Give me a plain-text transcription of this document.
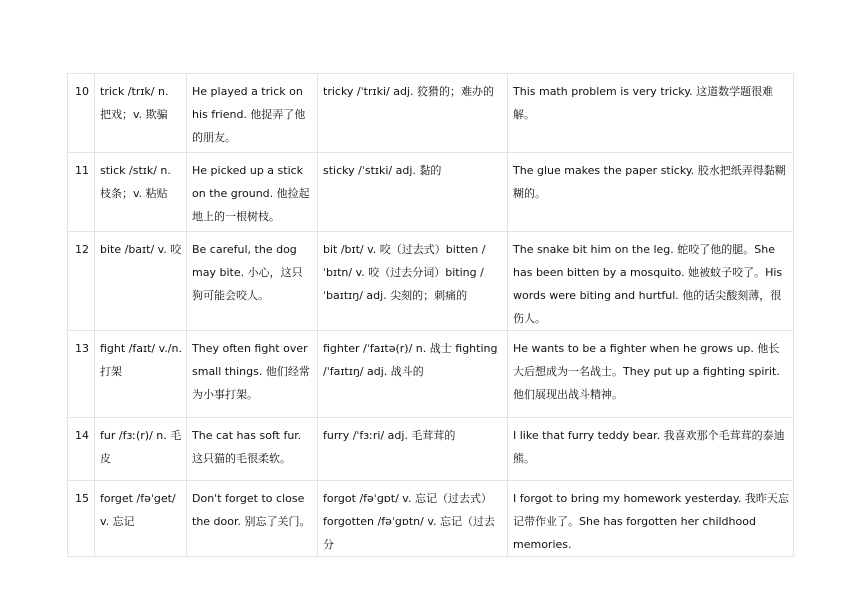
10	trick /trɪk/ n. 把戏；v. 欺骗	He played a trick on his friend. 他捉弄了他的朋友。	tricky /ˈtrɪki/ adj. 狡猾的；难办的	This math problem is very tricky. 这道数学题很难解。
11	stick /stɪk/ n. 枝条；v. 粘贴	He picked up a stick on the ground. 他捡起地上的一根树枝。	sticky /ˈstɪki/ adj. 黏的	The glue makes the paper sticky. 胶水把纸弄得黏糊糊的。
12	bite /baɪt/ v. 咬	Be careful, the dog may bite. 小心，这只狗可能会咬人。	bit /bɪt/ v. 咬（过去式）bitten /ˈbɪtn/ v. 咬（过去分词）biting /ˈbaɪtɪŋ/ adj. 尖刻的；刺痛的	The snake bit him on the leg. 蛇咬了他的腿。She has been bitten by a mosquito. 她被蚊子咬了。His words were biting and hurtful. 他的话尖酸刻薄，很伤人。
13	fight /faɪt/ v./n. 打架	They often fight over small things. 他们经常为小事打架。	fighter /ˈfaɪtə(r)/ n. 战士 fighting /ˈfaɪtɪŋ/ adj. 战斗的	He wants to be a fighter when he grows up. 他长大后想成为一名战士。They put up a fighting spirit. 他们展现出战斗精神。
14	fur /fɜː(r)/ n. 毛皮	The cat has soft fur. 这只猫的毛很柔软。	furry /ˈfɜːri/ adj. 毛茸茸的	I like that furry teddy bear. 我喜欢那个毛茸茸的泰迪熊。
15	forget /fəˈget/ v. 忘记	Don't forget to close the door. 别忘了关门。	forgot /fəˈgɒt/ v. 忘记（过去式）forgotten /fəˈgɒtn/ v. 忘记（过去分	I forgot to bring my homework yesterday. 我昨天忘记带作业了。She has forgotten her childhood memories.
